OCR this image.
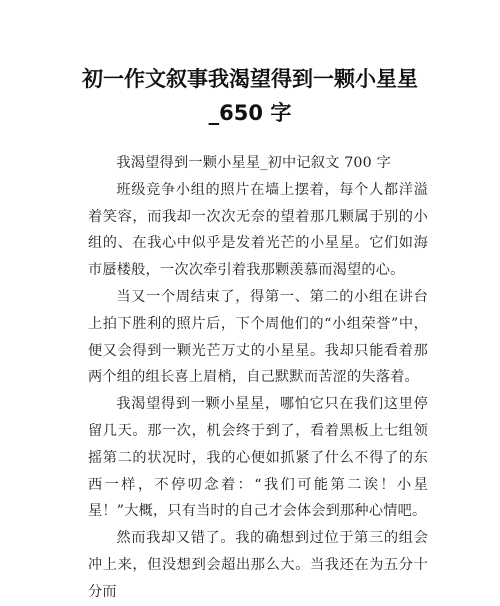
初一作文叙事我渴望得到一颗小星星
_650 字

我渴望得到一颗小星星_初中记叙文 700 字

班级竞争小组的照片在墙上摆着，每个人都洋溢着笑容，而我却一次次无奈的望着那几颗属于别的小组的、在我心中似乎是发着光芒的小星星。它们如海市蜃楼般，一次次牵引着我那颗羡慕而渴望的心。

当又一个周结束了，得第一、第二的小组在讲台上拍下胜利的照片后，下个周他们的“小组荣誉”中，便又会得到一颗光芒万丈的小星星。我却只能看着那两个组的组长喜上眉梢，自己默默而苦涩的失落着。

我渴望得到一颗小星星，哪怕它只在我们这里停留几天。那一次，机会终于到了，看着黑板上七组领摇第二的状况时，我的心便如抓紧了什么不得了的东西一样，不停叨念着：“我们可能第二诶！小星星！”大概，只有当时的自己才会体会到那种心情吧。

然而我却又错了。我的确想到过位于第三的组会冲上来，但没想到会超出那么大。当我还在为五分十分而
